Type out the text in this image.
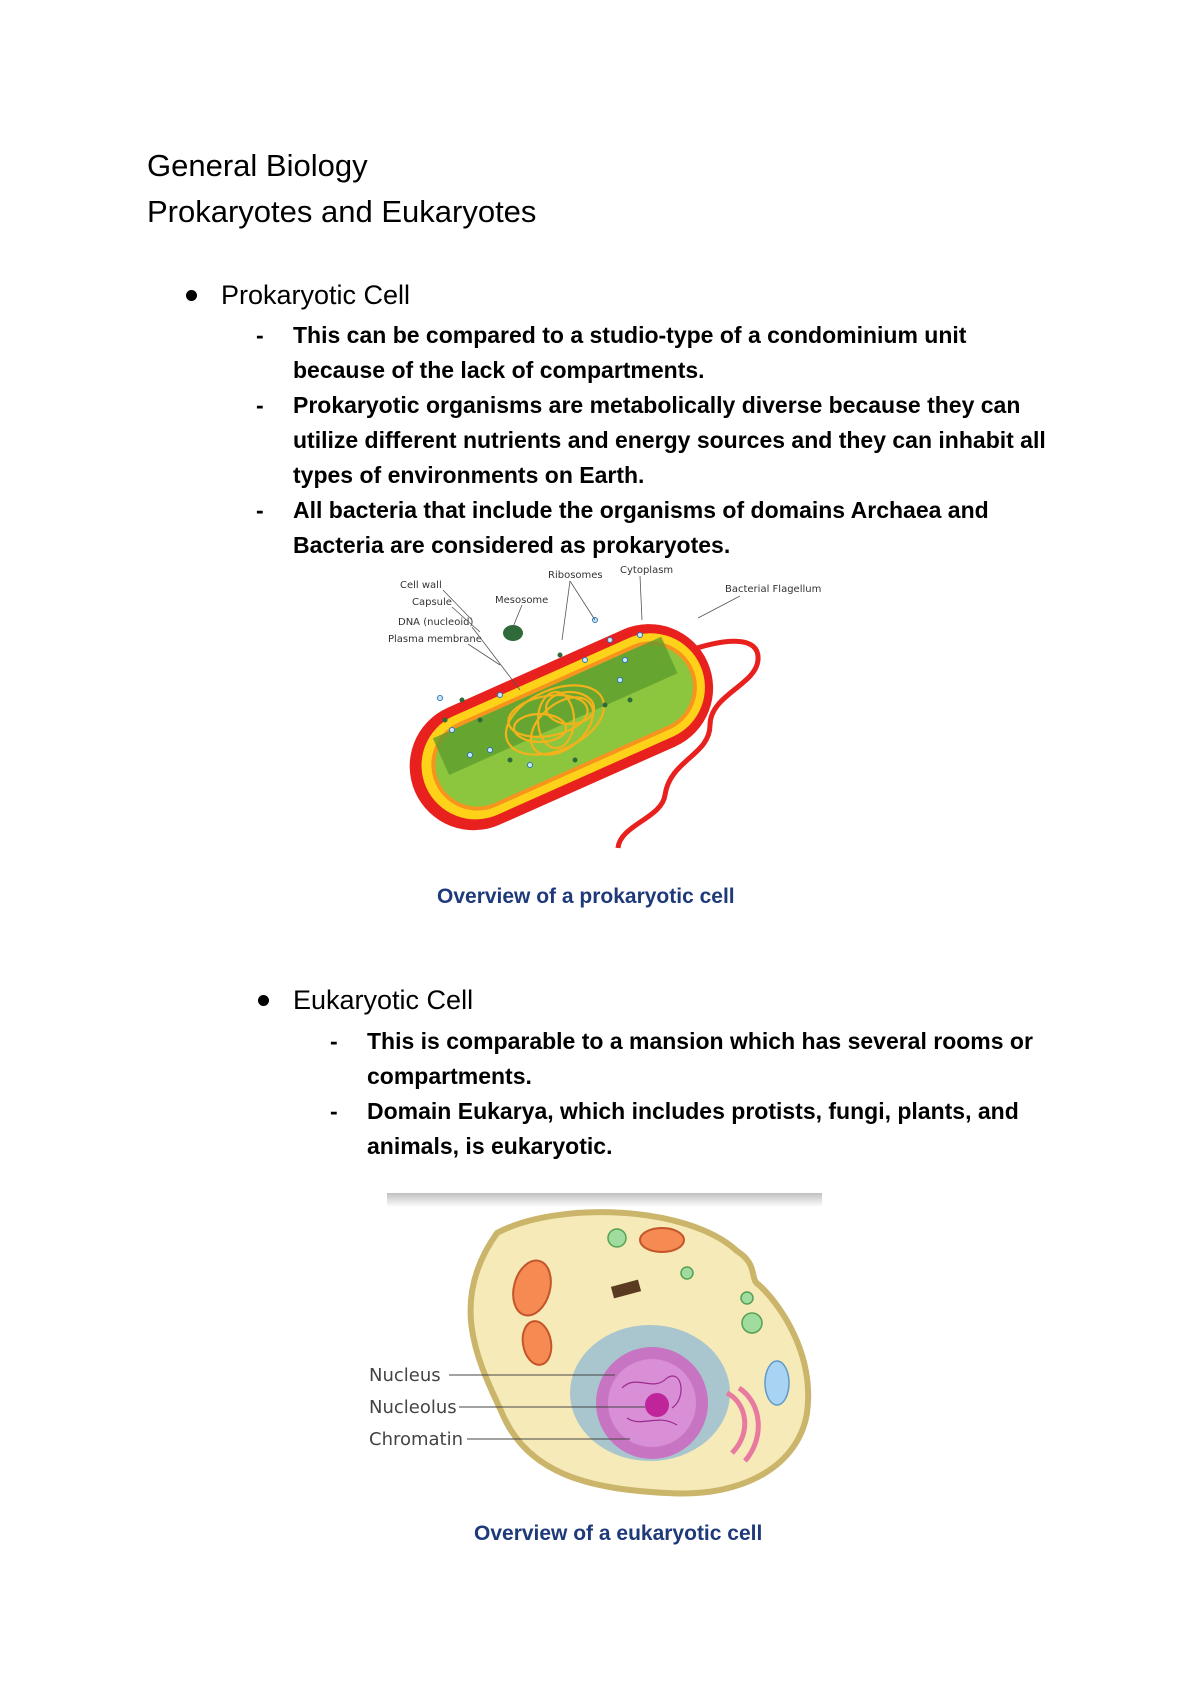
General Biology
Prokaryotes and Eukaryotes
Prokaryotic Cell
- This can be compared to a studio-type of a condominium unit because of the lack of compartments.
- Prokaryotic organisms are metabolically diverse because they can utilize different nutrients and energy sources and they can inhabit all types of environments on Earth.
- All bacteria that include the organisms of domains Archaea and Bacteria are considered as prokaryotes.
Cell wall
Capsule
DNA (nucleoid)
Plasma membrane
Mesosome
Ribosomes Cytoplasm
Bacterial Flagellum
Overview of a prokaryotic cell
Eukaryotic Cell
- This is comparable to a mansion which has several rooms or compartments.
- Domain Eukarya, which includes protists, fungi, plants, and animals, is eukaryotic.
Nucleus
Nucleolus
Chromatin
Overview of a eukaryotic cell
